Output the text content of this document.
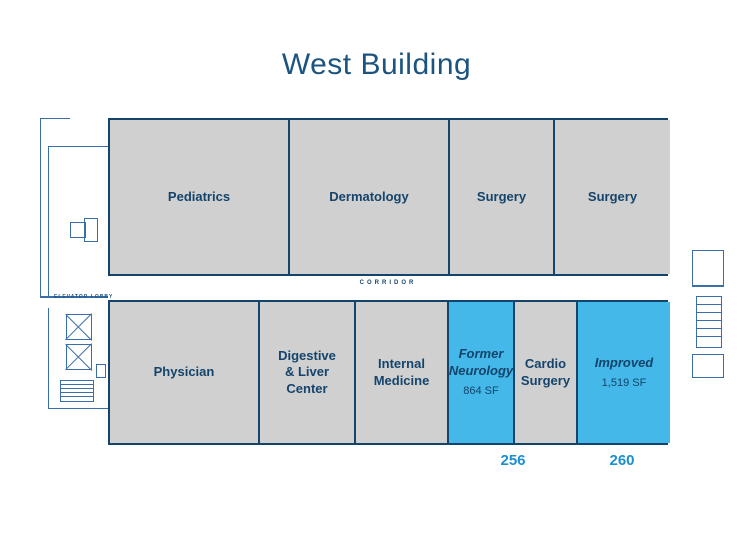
West Building
ELEVATOR LOBBY
Pediatrics	Dermatology	Surgery	Surgery
CORRIDOR
Physician
Digestive
& Liver
Center
Internal
Medicine
Former
Neurology
864 SF
Cardio
Surgery
Improved
1,519 SF
256	260
